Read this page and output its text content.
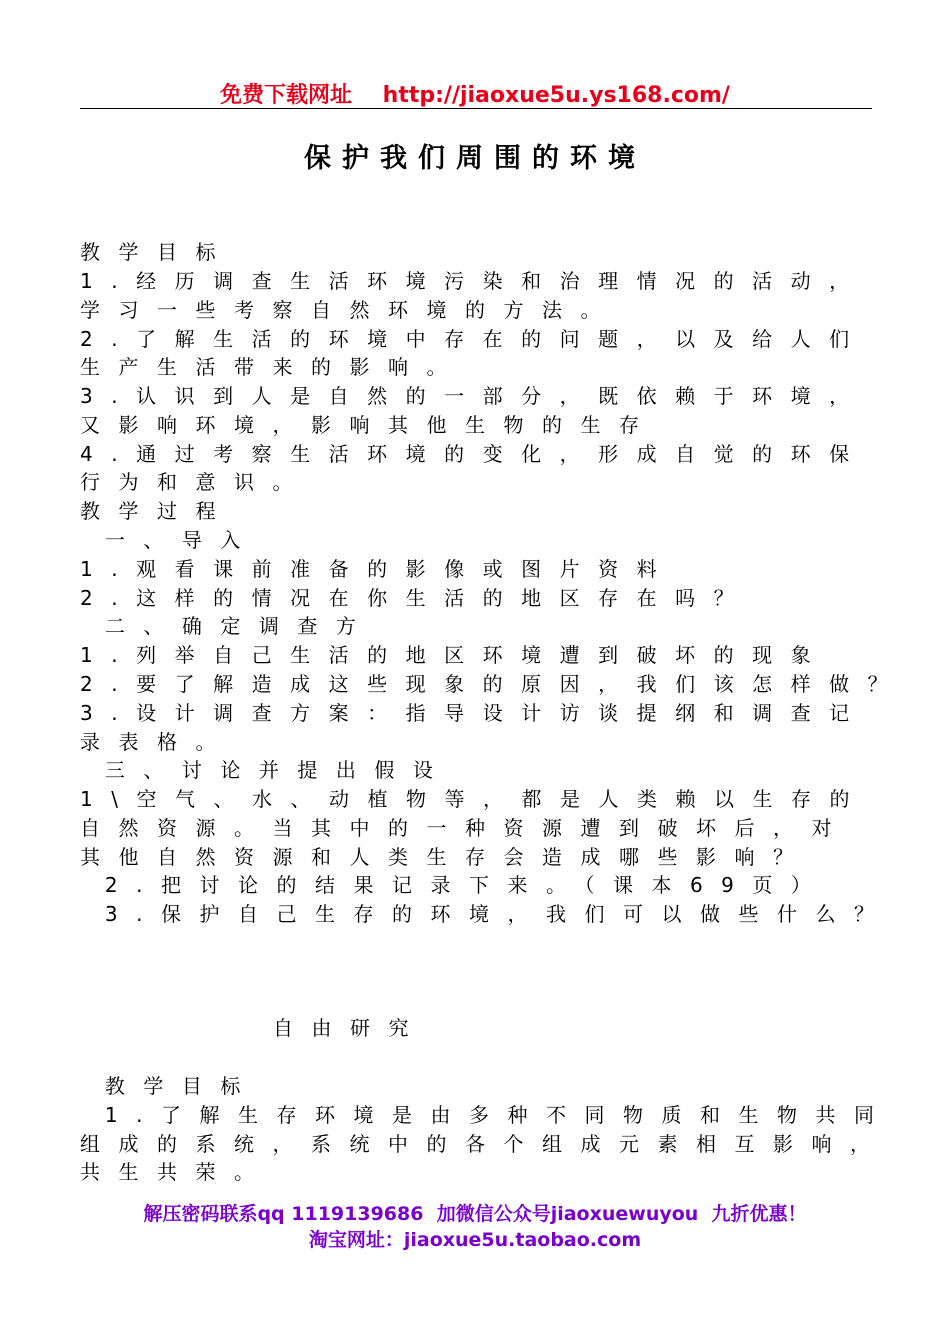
免费下载网址    http://jiaoxue5u.ys168.com/
保护我们周围的环境
教学目标
1.经历调查生活环境污染和治理情况的活动，
学习一些考察自然环境的方法。
2.了解生活的环境中存在的问题，以及给人们
生产生活带来的影响。
3.认识到人是自然的一部分，既依赖于环境，
又影响环境，影响其他生物的生存
4.通过考察生活环境的变化，形成自觉的环保
行为和意识。
教学过程
一、导入
1.观看课前准备的影像或图片资料
2.这样的情况在你生活的地区存在吗？
二、确定调查方
1.列举自己生活的地区环境遭到破坏的现象
2.要了解造成这些现象的原因，我们该怎样做？
3.设计调查方案：指导设计访谈提纲和调查记
录表格。
三、讨论并提出假设
1\空气、水、动植物等，都是人类赖以生存的
自然资源。当其中的一种资源遭到破坏后，对
其他自然资源和人类生存会造成哪些影响？
2.把讨论的结果记录下来。（课本69页）
3.保护自己生存的环境，我们可以做些什么？
自由研究
教学目标
1.了解生存环境是由多种不同物质和生物共同
组成的系统，系统中的各个组成元素相互影响，
共生共荣。
解压密码联系qq 1119139686  加微信公众号jiaoxuewuyou  九折优惠！
淘宝网址：jiaoxue5u.taobao.com
